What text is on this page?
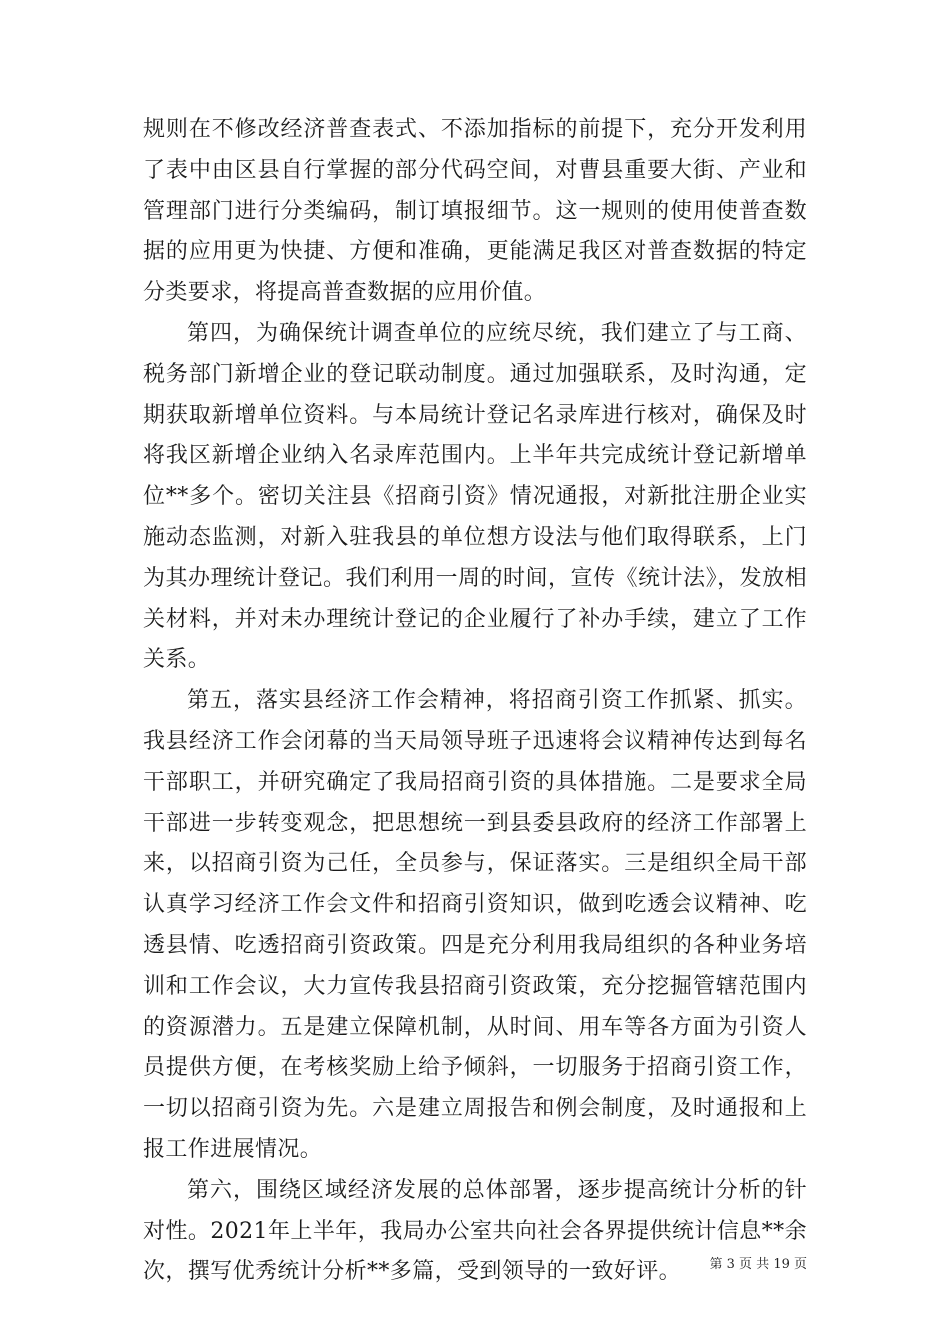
规则在不修改经济普查表式、不添加指标的前提下，充分开发利用了表中由区县自行掌握的部分代码空间，对曹县重要大街、产业和管理部门进行分类编码，制订填报细节。这一规则的使用使普查数据的应用更为快捷、方便和准确，更能满足我区对普查数据的特定分类要求，将提高普查数据的应用价值。

第四，为确保统计调查单位的应统尽统，我们建立了与工商、税务部门新增企业的登记联动制度。通过加强联系，及时沟通，定期获取新增单位资料。与本局统计登记名录库进行核对，确保及时将我区新增企业纳入名录库范围内。上半年共完成统计登记新增单位**多个。密切关注县《招商引资》情况通报，对新批注册企业实施动态监测，对新入驻我县的单位想方设法与他们取得联系，上门为其办理统计登记。我们利用一周的时间，宣传《统计法》，发放相关材料，并对未办理统计登记的企业履行了补办手续，建立了工作关系。

第五，落实县经济工作会精神，将招商引资工作抓紧、抓实。我县经济工作会闭幕的当天局领导班子迅速将会议精神传达到每名干部职工，并研究确定了我局招商引资的具体措施。二是要求全局干部进一步转变观念，把思想统一到县委县政府的经济工作部署上来，以招商引资为己任，全员参与，保证落实。三是组织全局干部认真学习经济工作会文件和招商引资知识，做到吃透会议精神、吃透县情、吃透招商引资政策。四是充分利用我局组织的各种业务培训和工作会议，大力宣传我县招商引资政策，充分挖掘管辖范围内的资源潜力。五是建立保障机制，从时间、用车等各方面为引资人员提供方便，在考核奖励上给予倾斜，一切服务于招商引资工作，一切以招商引资为先。六是建立周报告和例会制度，及时通报和上报工作进展情况。

第六，围绕区域经济发展的总体部署，逐步提高统计分析的针对性。2021年上半年，我局办公室共向社会各界提供统计信息**余次，撰写优秀统计分析**多篇，受到领导的一致好评。	第 3 页 共 19 页
